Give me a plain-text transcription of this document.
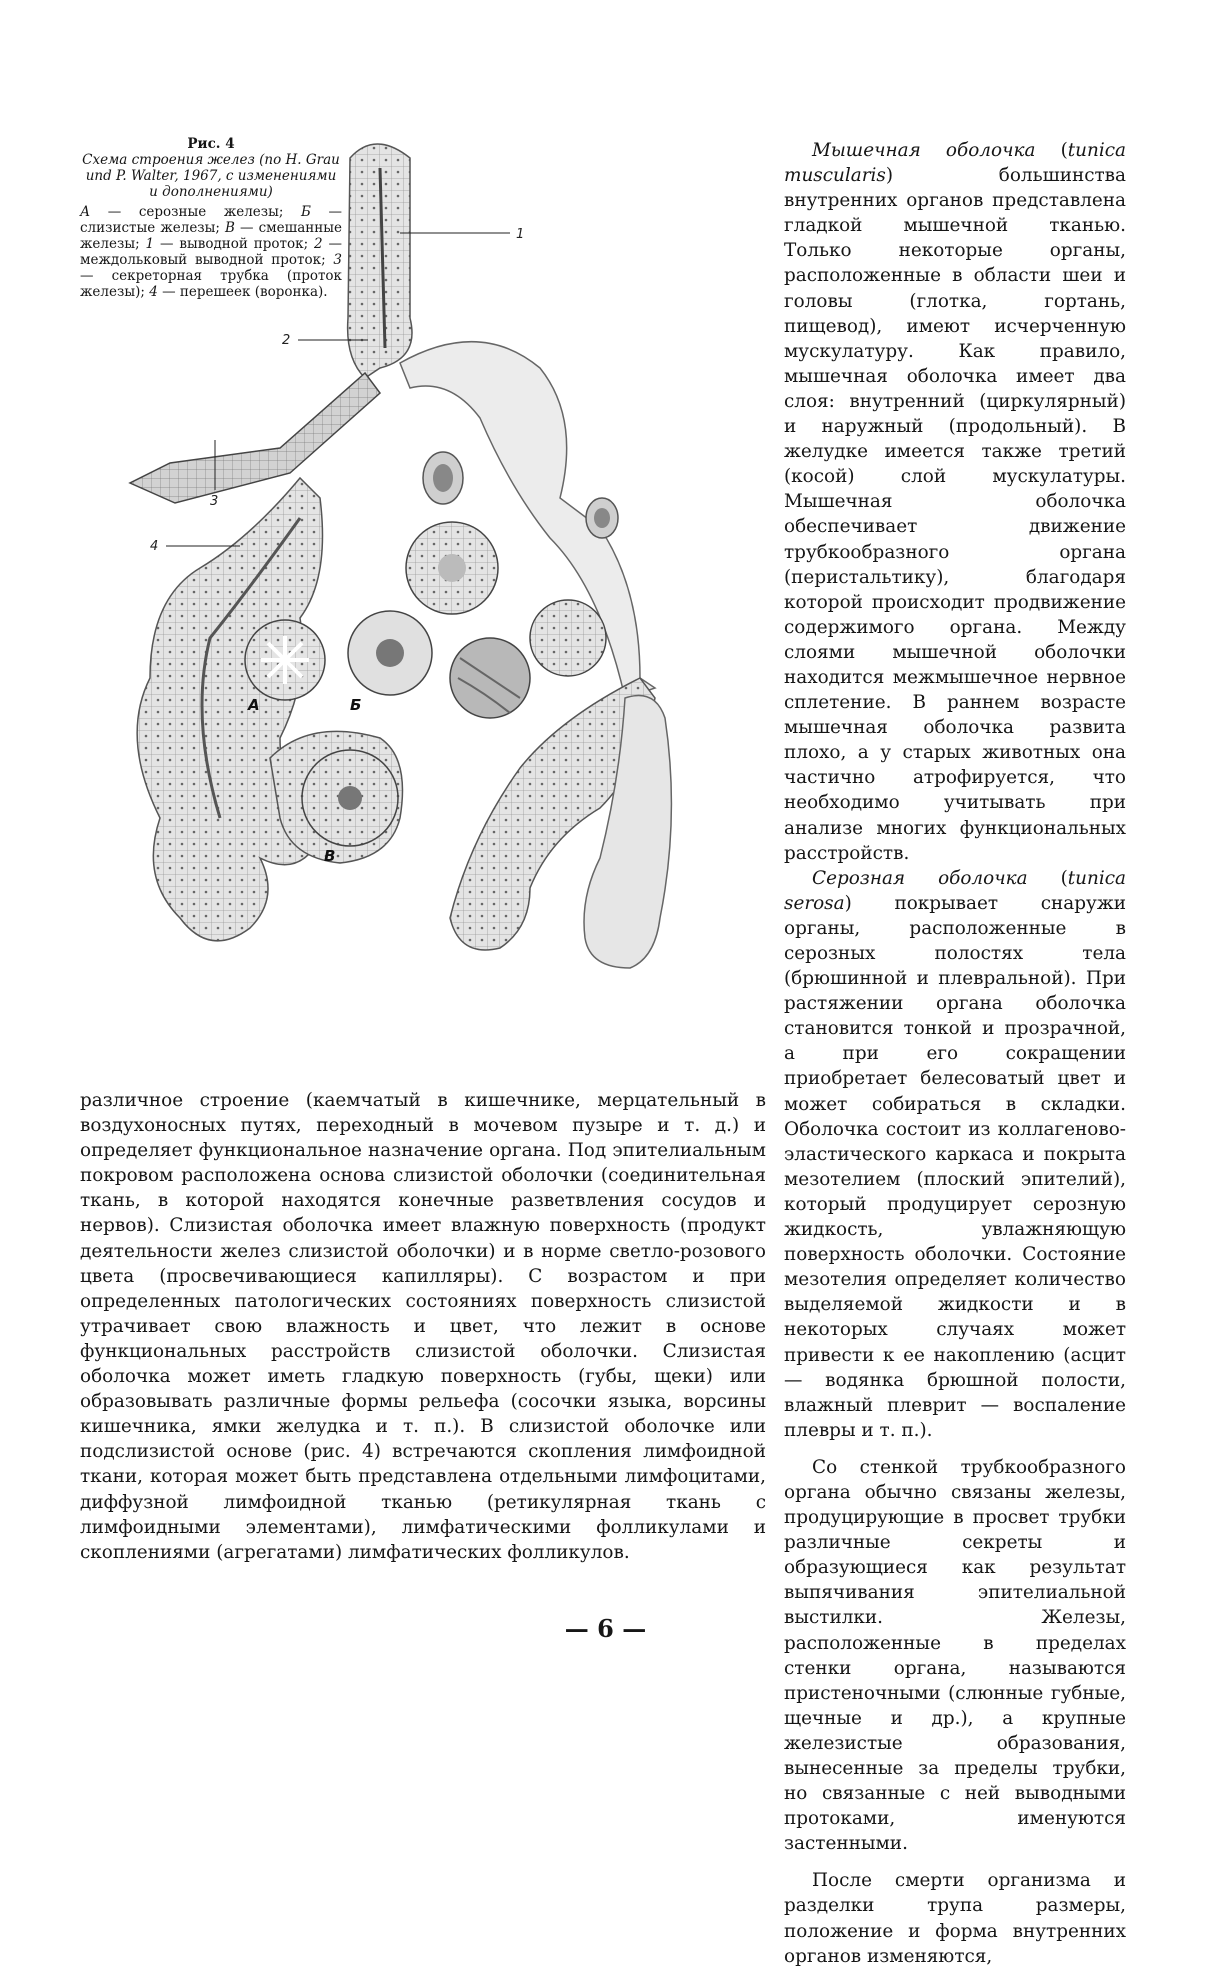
1
2
3
4
А	Б
В
Рис. 4
Схема строения желез (по H. Grau und P. Walter, 1967, с изменениями и дополнениями)
А — серозные железы; Б — слизистые железы; В — смешанные железы; 1 — выводной проток; 2 — междольковый выводной проток; 3 — секреторная трубка (проток железы); 4 — перешеек (воронка).

Мышечная оболочка (tunica muscularis) большинства внутренних органов представлена гладкой мышечной тканью. Только некоторые органы, расположенные в области шеи и головы (глотка, гортань, пищевод), имеют исчерченную мускулатуру. Как правило, мышечная оболочка имеет два слоя: внутренний (циркулярный) и наружный (продольный). В желудке имеется также третий (косой) слой мускулатуры. Мышечная оболочка обеспечивает движение трубкообразного органа (перистальтику), благодаря которой происходит продвижение содержимого органа. Между слоями мышечной оболочки находится межмышечное нервное сплетение. В раннем возрасте мышечная оболочка развита плохо, а у старых животных она частично атрофируется, что необходимо учитывать при анализе многих функциональных расстройств.

Серозная оболочка (tunica serosa) покрывает снаружи органы, расположенные в серозных полостях тела (брюшинной и плевральной). При растяжении органа оболочка становится тонкой и прозрачной, а при его сокращении приобретает белесоватый цвет и может собираться в складки. Оболочка состоит из коллагеново-эластического каркаса и покрыта мезотелием (плоский эпителий), который продуцирует серозную жидкость, увлажняющую поверхность оболочки. Состояние мезотелия определяет количество выделяемой жидкости и в некоторых случаях может привести к ее накоплению (асцит — водянка брюшной полости, влажный плеврит — воспаление плевры и т. п.).

Со стенкой трубкообразного органа обычно связаны железы, продуцирующие в просвет трубки различные секреты и образующиеся как результат выпячивания эпителиальной выстилки. Железы, расположенные в пределах стенки органа, называются пристеночными (слюнные губные, щечные и др.), а крупные железистые образования, вынесенные за пределы трубки, но связанные с ней выводными протоками, именуются застенными.

После смерти организма и разделки трупа размеры, положение и форма внутренних органов изменяются,

различное строение (каемчатый в кишечнике, мерцательный в воздухоносных путях, переходный в мочевом пузыре и т. д.) и определяет функциональное назначение органа. Под эпителиальным покровом расположена основа слизистой оболочки (соединительная ткань, в которой находятся конечные разветвления сосудов и нервов). Слизистая оболочка имеет влажную поверхность (продукт деятельности желез слизистой оболочки) и в норме светло-розового цвета (просвечивающиеся капилляры). С возрастом и при определенных патологических состояниях поверхность слизистой утрачивает свою влажность и цвет, что лежит в основе функциональных расстройств слизистой оболочки. Слизистая оболочка может иметь гладкую поверхность (губы, щеки) или образовывать различные формы рельефа (сосочки языка, ворсины кишечника, ямки желудка и т. п.). В слизистой оболочке или подслизистой основе (рис. 4) встречаются скопления лимфоидной ткани, которая может быть представлена отдельными лимфоцитами, диффузной лимфоидной тканью (ретикулярная ткань с лимфоидными элементами), лимфатическими фолликулами и скоплениями (агрегатами) лимфатических фолликулов.

— 6 —
